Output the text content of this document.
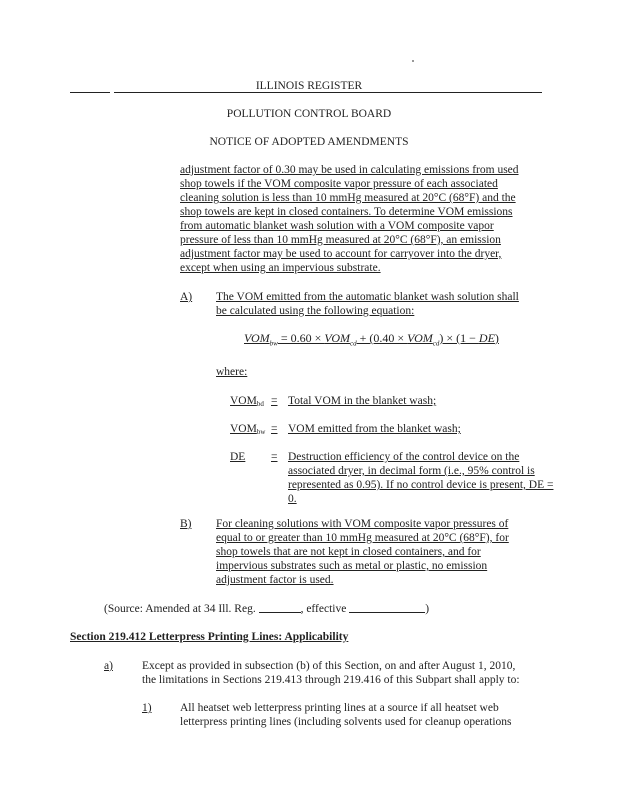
ILLINOIS REGISTER
POLLUTION CONTROL BOARD
NOTICE OF ADOPTED AMENDMENTS
adjustment factor of 0.30 may be used in calculating emissions from used
shop towels if the VOM composite vapor pressure of each associated
cleaning solution is less than 10 mmHg measured at 20°C (68°F) and the
shop towels are kept in closed containers. To determine VOM emissions
from automatic blanket wash solution with a VOM composite vapor
pressure of less than 10 mmHg measured at 20°C (68°F), an emission
adjustment factor may be used to account for carryover into the dryer,
except when using an impervious substrate.
A) The VOM emitted from the automatic blanket wash solution shall
be calculated using the following equation:
$VOM_{bw} = 0.60 \times VOM_{cd} + (0.40 \times VOM_{cd}) \times (1 - DE)$
where:
$VOM_{bd}$ = Total VOM in the blanket wash;
$VOM_{bw}$ = VOM emitted from the blanket wash;
DE = Destruction efficiency of the control device on the
associated dryer, in decimal form (i.e., 95% control is
represented as 0.95). If no control device is present, DE =
0.
B) For cleaning solutions with VOM composite vapor pressures of
equal to or greater than 10 mmHg measured at 20°C (68°F), for
shop towels that are not kept in closed containers, and for
impervious substrates such as metal or plastic, no emission
adjustment factor is used.
(Source: Amended at 34 Ill. Reg.	, effective	)
Section 219.412 Letterpress Printing Lines: Applicability
a)	Except as provided in subsection (b) of this Section, on and after August 1, 2010,
the limitations in Sections 219.413 through 219.416 of this Subpart shall apply to:
1) All heatset web letterpress printing lines at a source if all heatset web
letterpress printing lines (including solvents used for cleanup operations
